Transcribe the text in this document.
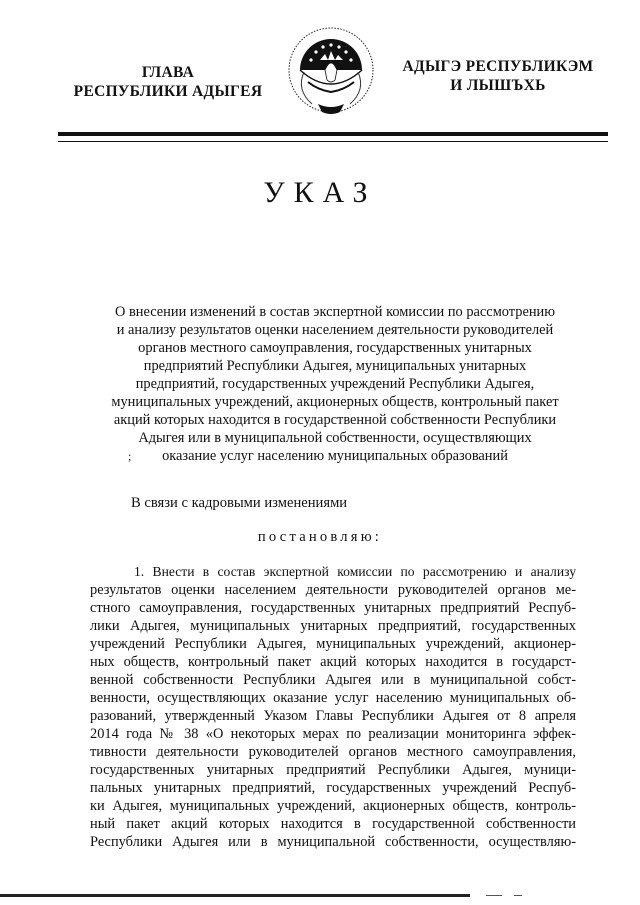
ГЛАВА
РЕСПУБЛИКИ АДЫГЕЯ
АДЫГЭ РЕСПУБЛИКЭМ
И ЛЫШЪХЬ
УКАЗ
О внесении изменений в состав экспертной комиссии по рассмотрению
и анализу результатов оценки населением деятельности руководителей
органов местного самоуправления, государственных унитарных
предприятий Республики Адыгея, муниципальных унитарных
предприятий, государственных учреждений Республики Адыгея,
муниципальных учреждений, акционерных обществ, контрольный пакет
акций которых находится в государственной собственности Республики
Адыгея или в муниципальной собственности, осуществляющих
оказание услуг населению муниципальных образований
;
В связи с кадровыми изменениями
постановляю:
1. Внести в состав экспертной комиссии по рассмотрению и анализу
результатов оценки населением деятельности руководителей органов ме-
стного самоуправления, государственных унитарных предприятий Респуб-
лики Адыгея, муниципальных унитарных предприятий, государственных
учреждений Республики Адыгея, муниципальных учреждений, акционер-
ных обществ, контрольный пакет акций которых находится в государст-
венной собственности Республики Адыгея или в муниципальной собст-
венности, осуществляющих оказание услуг населению муниципальных об-
разований, утвержденный Указом Главы Республики Адыгея от 8 апреля
2014 года № 38 «О некоторых мерах по реализации мониторинга эффек-
тивности деятельности руководителей органов местного самоуправления,
государственных унитарных предприятий Республики Адыгея, муници-
пальных унитарных предприятий, государственных учреждений Респуб-
ки Адыгея, муниципальных учреждений, акционерных обществ, контроль-
ный пакет акций которых находится в государственной собственности
Республики Адыгея или в муниципальной собственности, осуществляю-
